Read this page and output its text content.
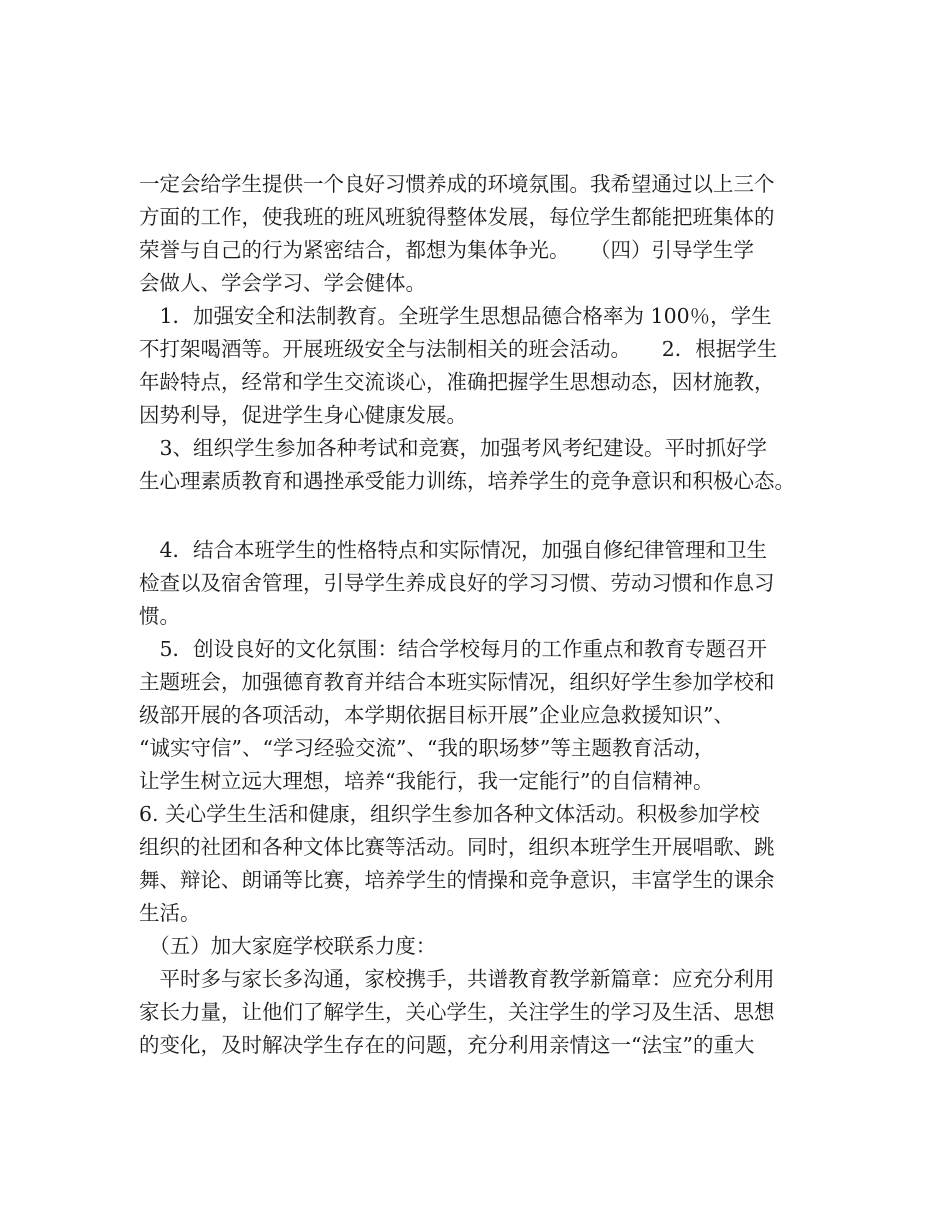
一定会给学生提供一个良好习惯养成的环境氛围。我希望通过以上三个
方面的工作，使我班的班风班貌得整体发展，每位学生都能把班集体的
荣誉与自己的行为紧密结合，都想为集体争光。　　（四）引导学生学
会做人、学会学习、学会健体。
　1．加强安全和法制教育。全班学生思想品德合格率为 100％，学生
不打架喝酒等。开展班级安全与法制相关的班会活动。　　2．根据学生
年龄特点，经常和学生交流谈心，准确把握学生思想动态，因材施教，
因势利导，促进学生身心健康发展。
　3、组织学生参加各种考试和竞赛，加强考风考纪建设。平时抓好学
生心理素质教育和遇挫承受能力训练，培养学生的竞争意识和积极心态。
　4．结合本班学生的性格特点和实际情况，加强自修纪律管理和卫生
检查以及宿舍管理，引导学生养成良好的学习习惯、劳动习惯和作息习
惯。
　5．创设良好的文化氛围：结合学校每月的工作重点和教育专题召开
主题班会，加强德育教育并结合本班实际情况，组织好学生参加学校和
级部开展的各项活动，本学期依据目标开展”企业应急救援知识”、
“诚实守信”、“学习经验交流”、“我的职场梦”等主题教育活动，
让学生树立远大理想，培养“我能行，我一定能行”的自信精神。
6. 关心学生生活和健康，组织学生参加各种文体活动。积极参加学校
组织的社团和各种文体比赛等活动。同时，组织本班学生开展唱歌、跳
舞、辩论、朗诵等比赛，培养学生的情操和竞争意识，丰富学生的课余
生活。
　（五）加大家庭学校联系力度：
　平时多与家长多沟通，家校携手，共谱教育教学新篇章：应充分利用
家长力量，让他们了解学生，关心学生，关注学生的学习及生活、思想
的变化，及时解决学生存在的问题，充分利用亲情这一“法宝”的重大
